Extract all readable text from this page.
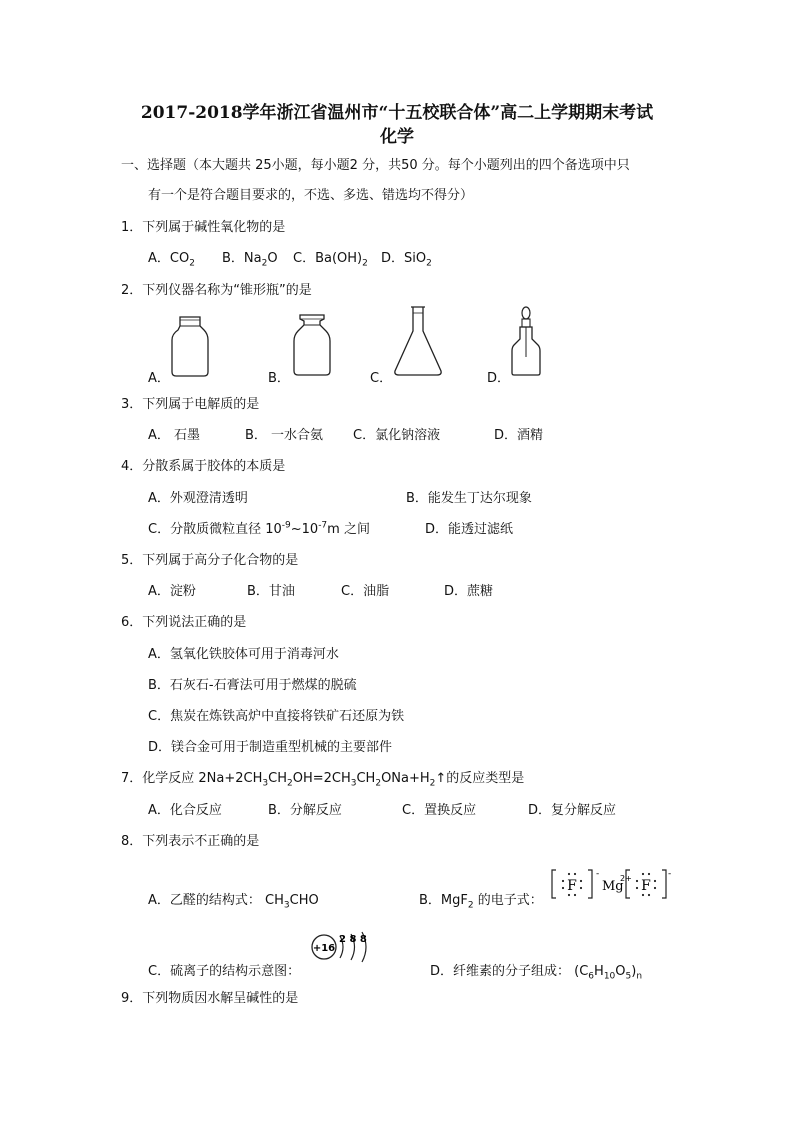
2017-2018学年浙江省温州市“十五校联合体”高二上学期期末考试
化学
一、选择题（本大题共 25小题，每小题2 分，共50 分。每个小题列出的四个备选项中只
有一个是符合题目要求的，不选、多选、错选均不得分）
1．下列属于碱性氧化物的是
A．$CO_2$ B．$Na_2O$ C．$Ba(OH)_2$ D．SiO$_2$
2．下列仪器名称为“锥形瓶”的是
A．	B．	C．	D．
3．下列属于电解质的是
A． 石墨	B． 一水合氨 C．氯化钠溶液	D．酒精
4．分散系属于胶体的本质是
A．外观澄清透明	B．能发生丁达尔现象
C．分散质微粒直径 $10^{-9}\sim 10^{-7}m$ 之间	D．能透过滤纸
5．下列属于高分子化合物的是
A．淀粉	B．甘油	C．油脂	D．蔗糖
6．下列说法正确的是
A．氢氧化铁胶体可用于消毒河水
B．石灰石-石膏法可用于燃煤的脱硫
C．焦炭在炼铁高炉中直接将铁矿石还原为铁
D．镁合金可用于制造重型机械的主要部件
7．化学反应 $2Na+2CH_3CH_2OH=2CH_3CH_2ONa+H_2↑$的反应类型是
A．化合反应	B．分解反应	C．置换反应	D．复分解反应
8．下列表示不正确的是
A．乙醛的结构式： $CH_3CHO$	B．MgF$_2$ 的电子式：
F
-
Mg
2+ F
-
C．硫离子的结构示意图：
+16
2 8 8
D．纤维素的分子组成： $(C_6H_{10}O_5)_n$
9．下列物质因水解呈碱性的是
